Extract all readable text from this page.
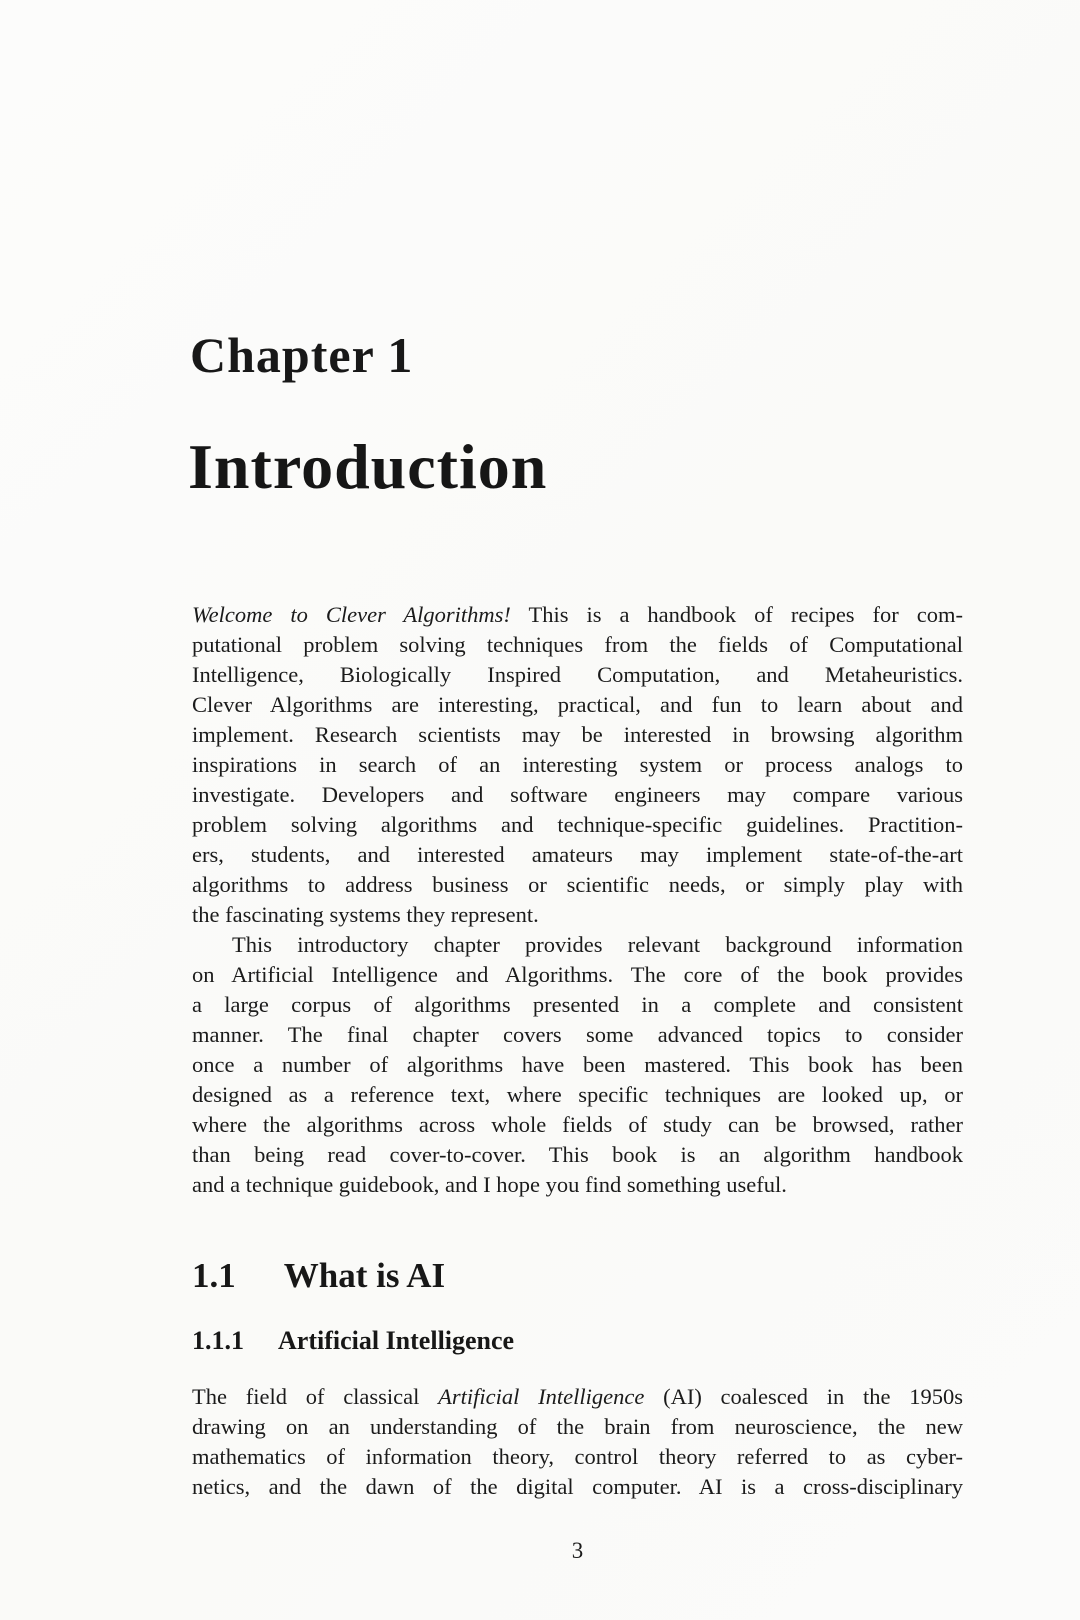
Chapter 1
Introduction
Welcome to Clever Algorithms! This is a handbook of recipes for com-
putational problem solving techniques from the fields of Computational
Intelligence, Biologically Inspired Computation, and Metaheuristics.
Clever Algorithms are interesting, practical, and fun to learn about and
implement. Research scientists may be interested in browsing algorithm
inspirations in search of an interesting system or process analogs to
investigate. Developers and software engineers may compare various
problem solving algorithms and technique-specific guidelines. Practition-
ers, students, and interested amateurs may implement state-of-the-art
algorithms to address business or scientific needs, or simply play with
the fascinating systems they represent.
This introductory chapter provides relevant background information
on Artificial Intelligence and Algorithms. The core of the book provides
a large corpus of algorithms presented in a complete and consistent
manner. The final chapter covers some advanced topics to consider
once a number of algorithms have been mastered. This book has been
designed as a reference text, where specific techniques are looked up, or
where the algorithms across whole fields of study can be browsed, rather
than being read cover-to-cover. This book is an algorithm handbook
and a technique guidebook, and I hope you find something useful.
1.1 What is AI
1.1.1 Artificial Intelligence
The field of classical Artificial Intelligence (AI) coalesced in the 1950s
drawing on an understanding of the brain from neuroscience, the new
mathematics of information theory, control theory referred to as cyber-
netics, and the dawn of the digital computer. AI is a cross-disciplinary
3
